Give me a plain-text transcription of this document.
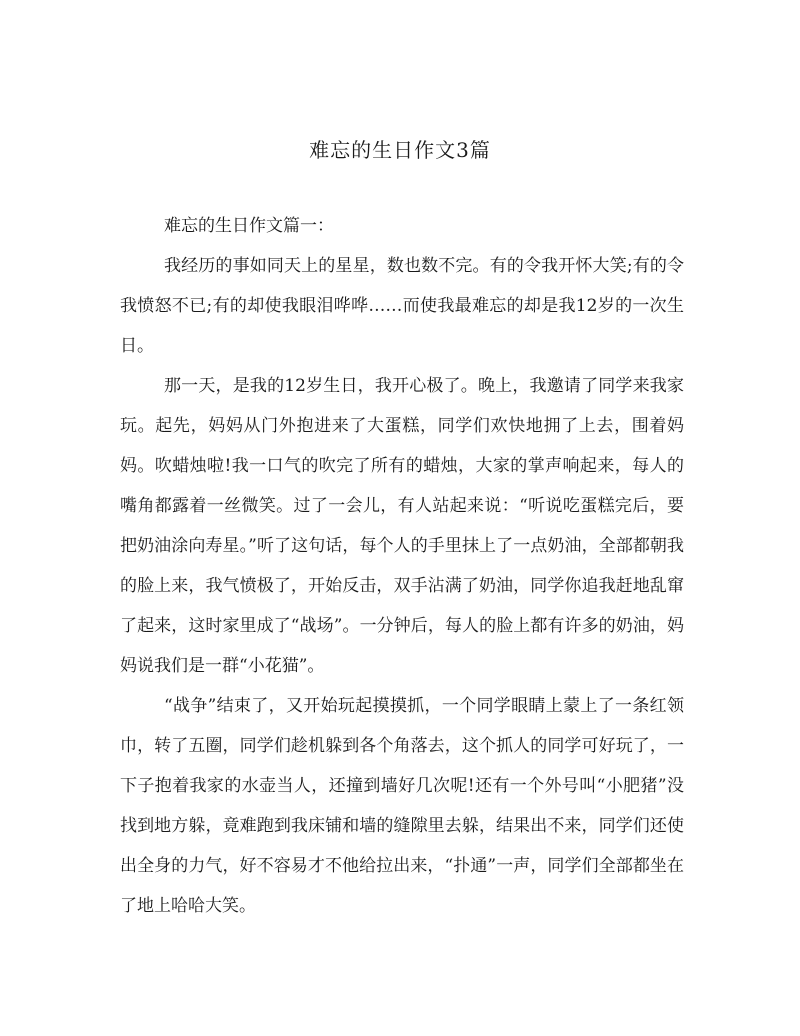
难忘的生日作文3篇
难忘的生日作文篇一：

我经历的事如同天上的星星，数也数不完。有的令我开怀大笑;有的令我愤怒不已;有的却使我眼泪哗哗……而使我最难忘的却是我12岁的一次生日。

那一天，是我的12岁生日，我开心极了。晚上，我邀请了同学来我家玩。起先，妈妈从门外抱进来了大蛋糕，同学们欢快地拥了上去，围着妈妈。吹蜡烛啦!我一口气的吹完了所有的蜡烛，大家的掌声响起来，每人的嘴角都露着一丝微笑。过了一会儿，有人站起来说：“听说吃蛋糕完后，要把奶油涂向寿星。”听了这句话，每个人的手里抹上了一点奶油，全部都朝我的脸上来，我气愤极了，开始反击，双手沾满了奶油，同学你追我赶地乱窜了起来，这时家里成了“战场”。一分钟后，每人的脸上都有许多的奶油，妈妈说我们是一群“小花猫”。

“战争”结束了，又开始玩起摸摸抓，一个同学眼睛上蒙上了一条红领巾，转了五圈，同学们趁机躲到各个角落去，这个抓人的同学可好玩了，一下子抱着我家的水壶当人，还撞到墙好几次呢!还有一个外号叫“小肥猪”没找到地方躲，竟难跑到我床铺和墙的缝隙里去躲，结果出不来，同学们还使出全身的力气，好不容易才不他给拉出来，“扑通”一声，同学们全部都坐在了地上哈哈大笑。
